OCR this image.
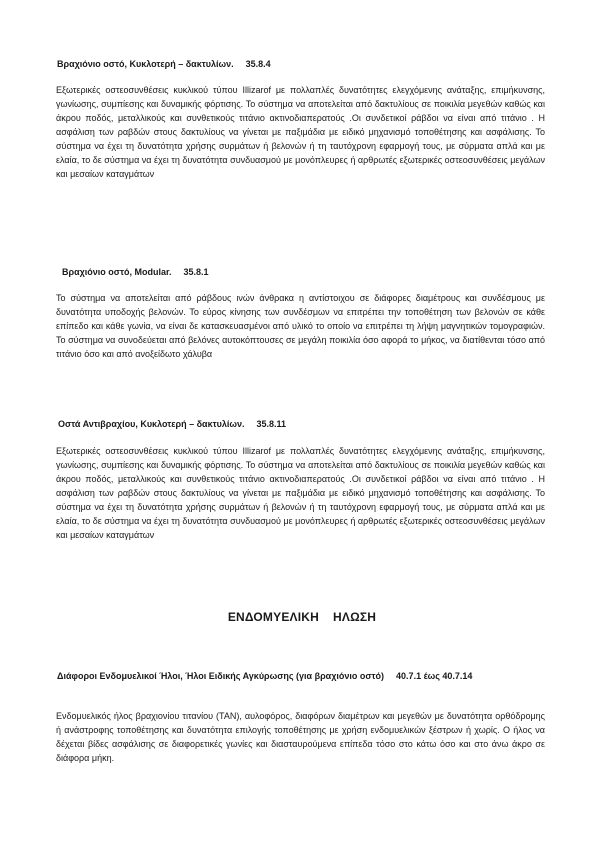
Βραχιόνιο οστό, Κυκλοτερή – δακτυλίων. 35.8.4
Εξωτερικές οστεοσυνθέσεις κυκλικού τύπου Illizarof με πολλαπλές δυνατότητες ελεγχόμενης ανάταξης, επιμήκυνσης, γωνίωσης, συμπίεσης και δυναμικής φόρτισης. Το σύστημα να αποτελείται από δακτυλίους σε ποικιλία μεγεθών καθώς και άκρου ποδός, μεταλλικούς και συνθετικούς τιτάνιο ακτινοδιαπερατούς .Οι συνδετικοί ράβδοι να είναι από τιτάνιο . Η ασφάλιση των ραβδών στους δακτυλίους να γίνεται με παξιμάδια με ειδικό μηχανισμό τοποθέτησης και ασφάλισης. Το σύστημα να έχει τη δυνατότητα χρήσης συρμάτων ή βελονών ή τη ταυτόχρονη εφαρμογή τους, με σύρματα απλά και με ελαία, το δε σύστημα να έχει τη δυνατότητα συνδυασμού με μονόπλευρες ή αρθρωτές εξωτερικές οστεοσυνθέσεις μεγάλων και μεσαίων καταγμάτων
Βραχιόνιο οστό, Modular. 35.8.1
Το σύστημα να αποτελείται από ράβδους ινών άνθρακα η αντίστοιχου σε διάφορες διαμέτρους και συνδέσμους με δυνατότητα υποδοχής βελονών. Το εύρος κίνησης των συνδέσμων να επιτρέπει την τοποθέτηση των βελονών σε κάθε επίπεδο και κάθε γωνία, να είναι δε κατασκευασμένοι από υλικό το οποίο να επιτρέπει τη λήψη μαγνητικών τομογραφιών. Το σύστημα να συνοδεύεται από βελόνες αυτοκόπτουσες σε μεγάλη ποικιλία όσο αφορά το μήκος, να διατίθενται τόσο από τιτάνιο όσο και από ανοξείδωτο χάλυβα
Οστά Αντιβραχίου, Κυκλοτερή – δακτυλίων. 35.8.11
Εξωτερικές οστεοσυνθέσεις κυκλικού τύπου Illizarof με πολλαπλές δυνατότητες ελεγχόμενης ανάταξης, επιμήκυνσης, γωνίωσης, συμπίεσης και δυναμικής φόρτισης. Το σύστημα να αποτελείται από δακτυλίους σε ποικιλία μεγεθών καθώς και άκρου ποδός, μεταλλικούς και συνθετικούς τιτάνιο ακτινοδιαπερατούς .Οι συνδετικοί ράβδοι να είναι από τιτάνιο . Η ασφάλιση των ραβδών στους δακτυλίους να γίνεται με παξιμάδια με ειδικό μηχανισμό τοποθέτησης και ασφάλισης. Το σύστημα να έχει τη δυνατότητα χρήσης συρμάτων ή βελονών ή τη ταυτόχρονη εφαρμογή τους, με σύρματα απλά και με ελαία, το δε σύστημα να έχει τη δυνατότητα συνδυασμού με μονόπλευρες ή αρθρωτές εξωτερικές οστεοσυνθέσεις μεγάλων και μεσαίων καταγμάτων
ΕΝΔΟΜΥΕΛΙΚΗ ΗΛΩΣΗ
Διάφοροι Ενδομυελικοί Ήλοι, Ήλοι Ειδικής Αγκύρωσης (για βραχιόνιο οστό) 40.7.1 έως 40.7.14
Ενδομυελικός ήλος βραχιονίου τιτανίου (ΤΑΝ), αυλοφόρος, διαφόρων διαμέτρων και μεγεθών με δυνατότητα ορθόδρομης ή ανάστροφης τοποθέτησης και δυνατότητα επιλογής τοποθέτησης με χρήση ενδομυελικών ξέστρων ή χωρίς. Ο ήλος να δέχεται βίδες ασφάλισης σε διαφορετικές γωνίες και διασταυρούμενα επίπεδα τόσο στο κάτω όσο και στο άνω άκρο σε διάφορα μήκη.
